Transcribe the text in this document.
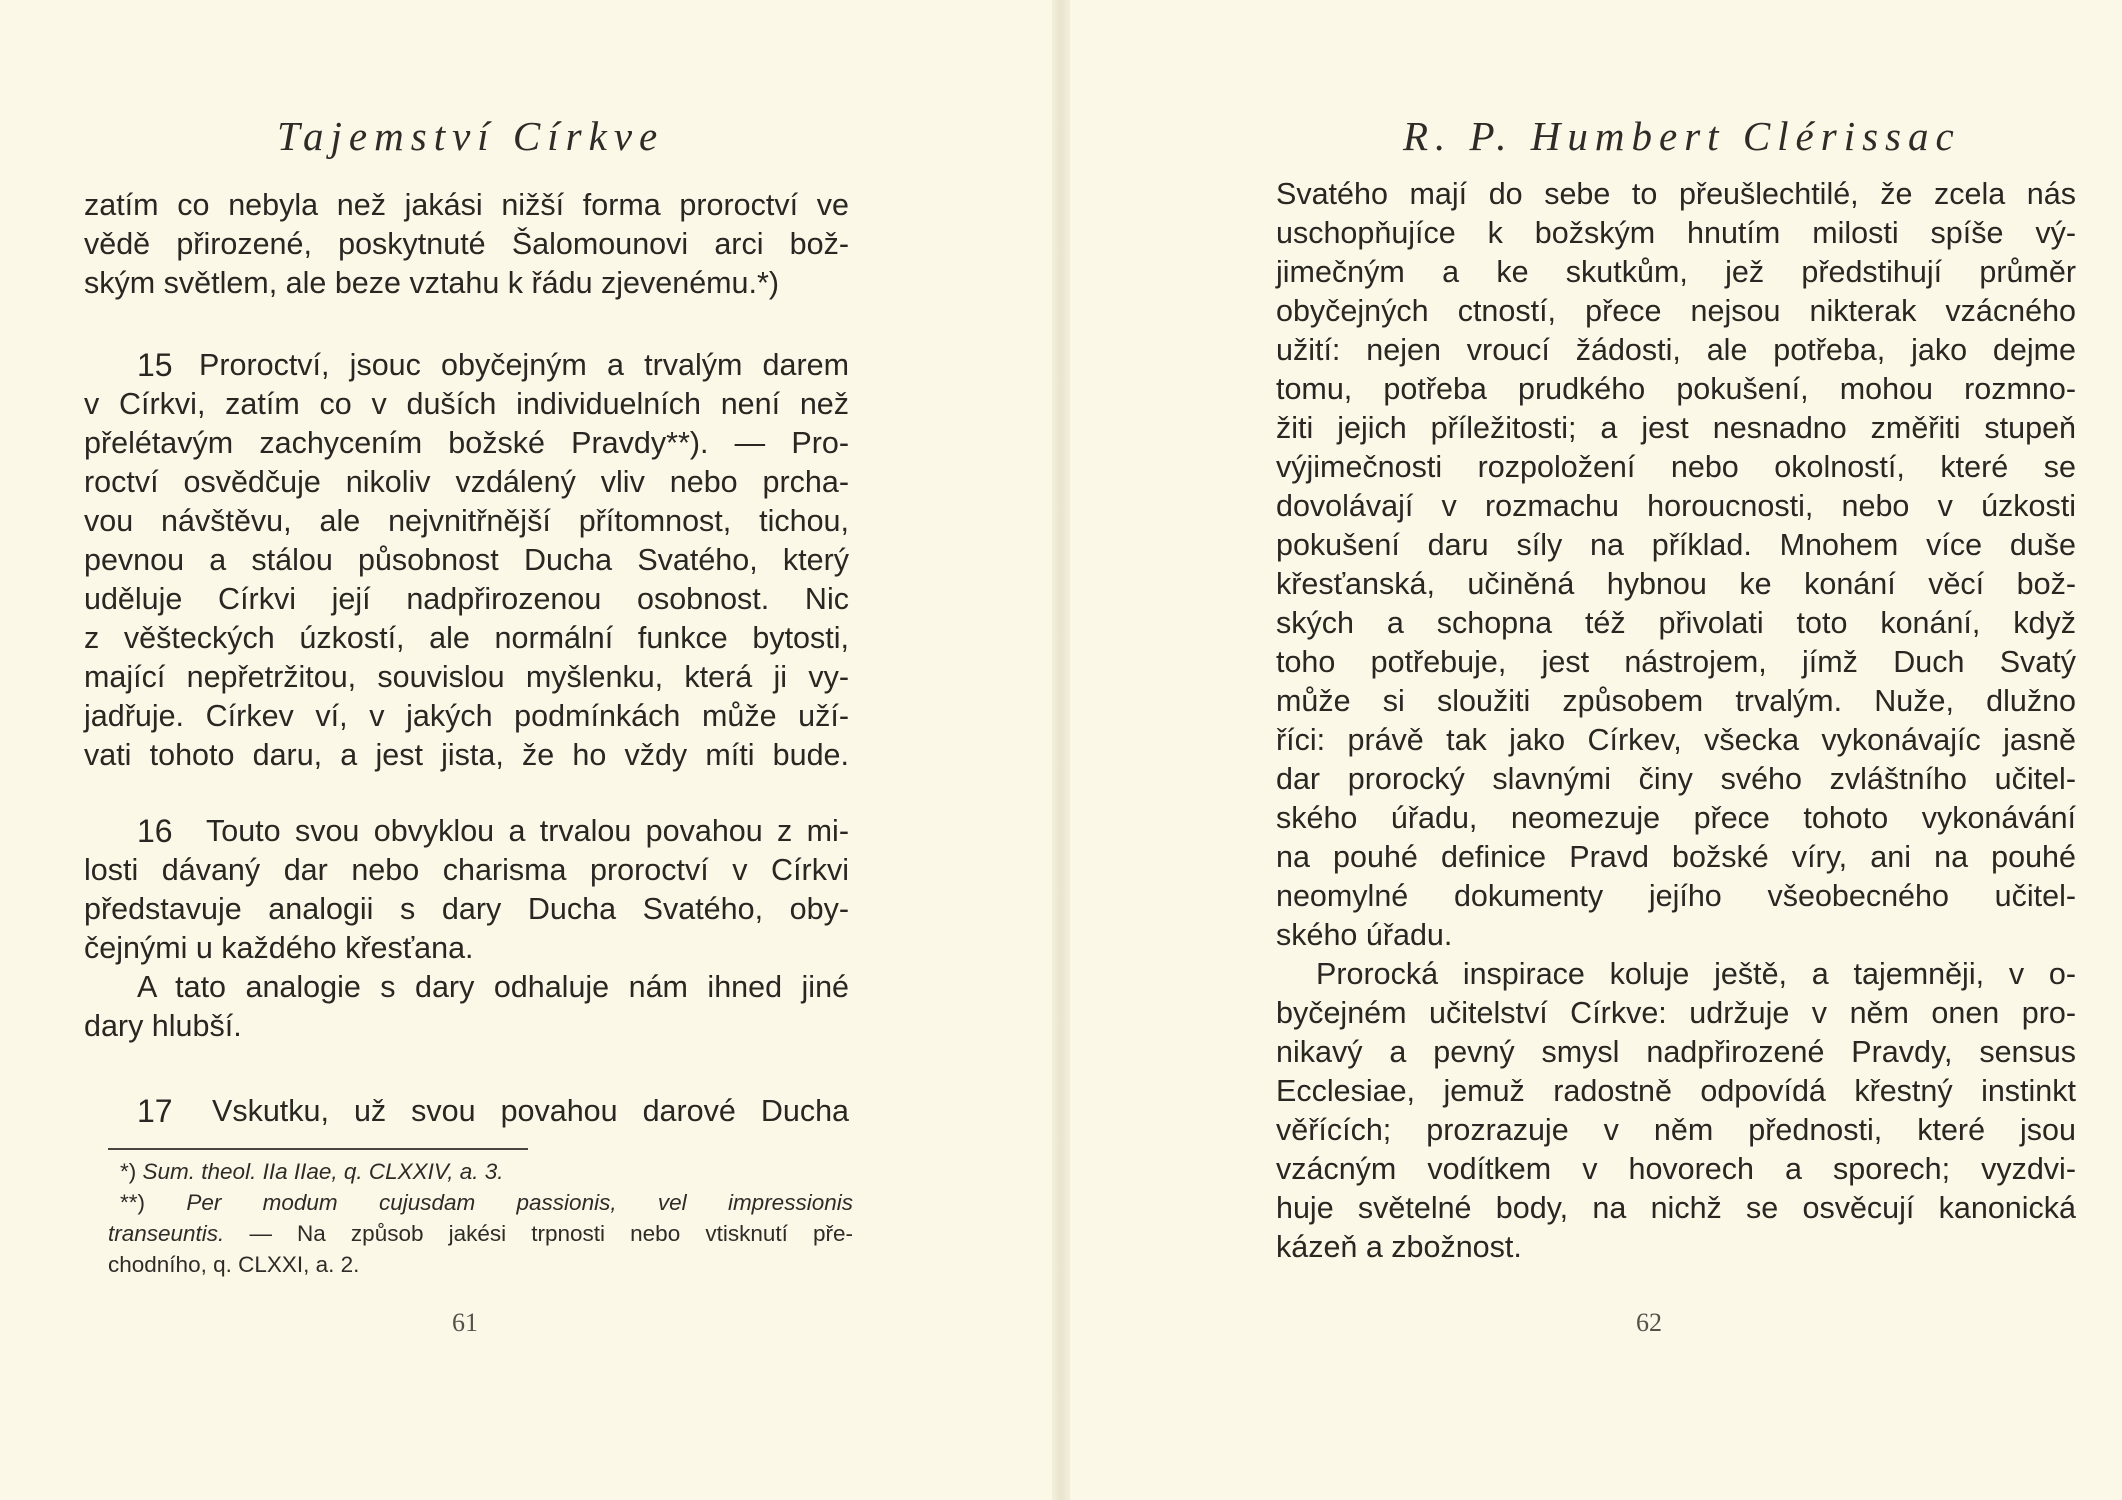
Tajemství Církve
zatím co nebyla než jakási nižší forma proroctví ve
vědě přirozené, poskytnuté Šalomounovi arci bož-
ským světlem, ale beze vztahu k řádu zjevenému.*)
15 Proroctví, jsouc obyčejným a trvalým darem
v Církvi, zatím co v duších individuelních není než
přelétavým zachycením božské Pravdy**). — Pro-
roctví osvědčuje nikoliv vzdálený vliv nebo prcha-
vou návštěvu, ale nejvnitřnější přítomnost, tichou,
pevnou a stálou působnost Ducha Svatého, který
uděluje Církvi její nadpřirozenou osobnost. Nic
z věšteckých úzkostí, ale normální funkce bytosti,
mající nepřetržitou, souvislou myšlenku, která ji vy-
jadřuje. Církev ví, v jakých podmínkách může uží-
vati tohoto daru, a jest jista, že ho vždy míti bude.
16 Touto svou obvyklou a trvalou povahou z mi-
losti dávaný dar nebo charisma proroctví v Církvi
představuje analogii s dary Ducha Svatého, oby-
čejnými u každého křesťana.
A tato analogie s dary odhaluje nám ihned jiné
dary hlubší.
17 Vskutku, už svou povahou darové Ducha
*) Sum. theol. IIa IIae, q. CLXXIV, a. 3.
**) Per modum cujusdam passionis, vel impressionis
transeuntis. — Na způsob jakési trpnosti nebo vtisknutí pře-
chodního, q. CLXXI, a. 2.
61
R. P. Humbert Clérissac
Svatého mají do sebe to přeušlechtilé, že zcela nás
uschopňujíce k božským hnutím milosti spíše vý-
jimečným a ke skutkům, jež předstihují průměr
obyčejných ctností, přece nejsou nikterak vzácného
užití: nejen vroucí žádosti, ale potřeba, jako dejme
tomu, potřeba prudkého pokušení, mohou rozmno-
žiti jejich příležitosti; a jest nesnadno změřiti stupeň
výjimečnosti rozpoložení nebo okolností, které se
dovolávají v rozmachu horoucnosti, nebo v úzkosti
pokušení daru síly na příklad. Mnohem více duše
křesťanská, učiněná hybnou ke konání věcí bož-
ských a schopna též přivolati toto konání, když
toho potřebuje, jest nástrojem, jímž Duch Svatý
může si sloužiti způsobem trvalým. Nuže, dlužno
říci: právě tak jako Církev, všecka vykonávajíc jasně
dar prorocký slavnými činy svého zvláštního učitel-
ského úřadu, neomezuje přece tohoto vykonávání
na pouhé definice Pravd božské víry, ani na pouhé
neomylné dokumenty jejího všeobecného učitel-
ského úřadu.
Prorocká inspirace koluje ještě, a tajemněji, v o-
byčejném učitelství Církve: udržuje v něm onen pro-
nikavý a pevný smysl nadpřirozené Pravdy, sensus
Ecclesiae, jemuž radostně odpovídá křestný instinkt
věřících; prozrazuje v něm přednosti, které jsou
vzácným vodítkem v hovorech a sporech; vyzdvi-
huje světelné body, na nichž se osvěcují kanonická
kázeň a zbožnost.
62
